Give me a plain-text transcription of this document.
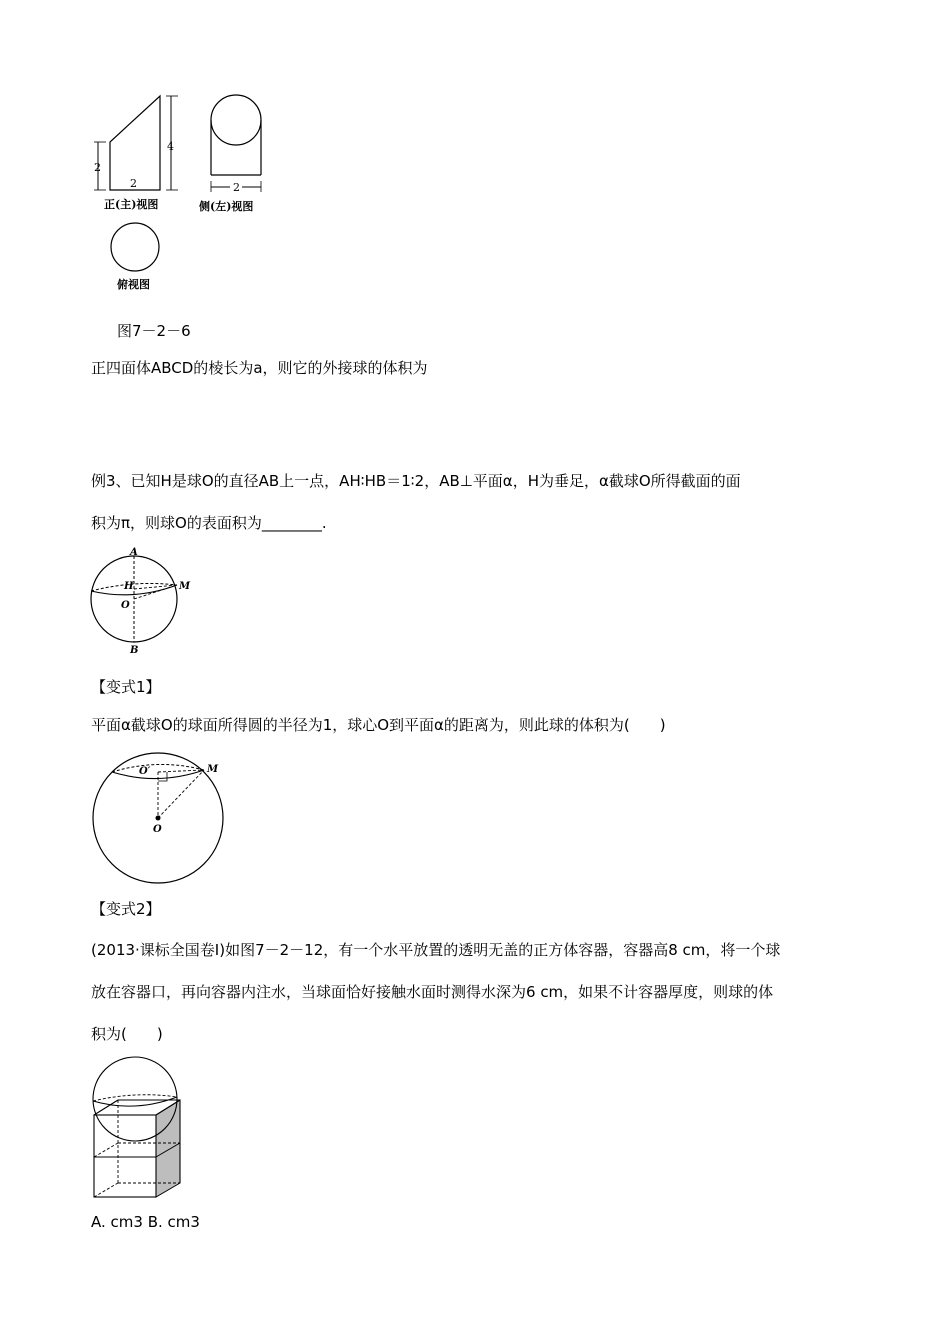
2
2
4
正(主)视图
2
侧(左)视图
俯视图
图7－2－6
正四面体ABCD的棱长为a，则它的外接球的体积为
例3、已知H是球O的直径AB上一点，AH∶HB＝1∶2，AB⊥平面α，H为垂足，α截球O所得截面的面
积为π，则球O的表面积为________.
A
H	M
O
B
【变式1】
平面α截球O的球面所得圆的半径为1，球心O到平面α的距离为，则此球的体积为(　　)
O′	M
O
【变式2】
(2013·课标全国卷Ⅰ)如图7－2－12，有一个水平放置的透明无盖的正方体容器，容器高8 cm，将一个球
放在容器口，再向容器内注水，当球面恰好接触水面时测得水深为6 cm，如果不计容器厚度，则球的体
积为(　　)
A. cm3 B. cm3
